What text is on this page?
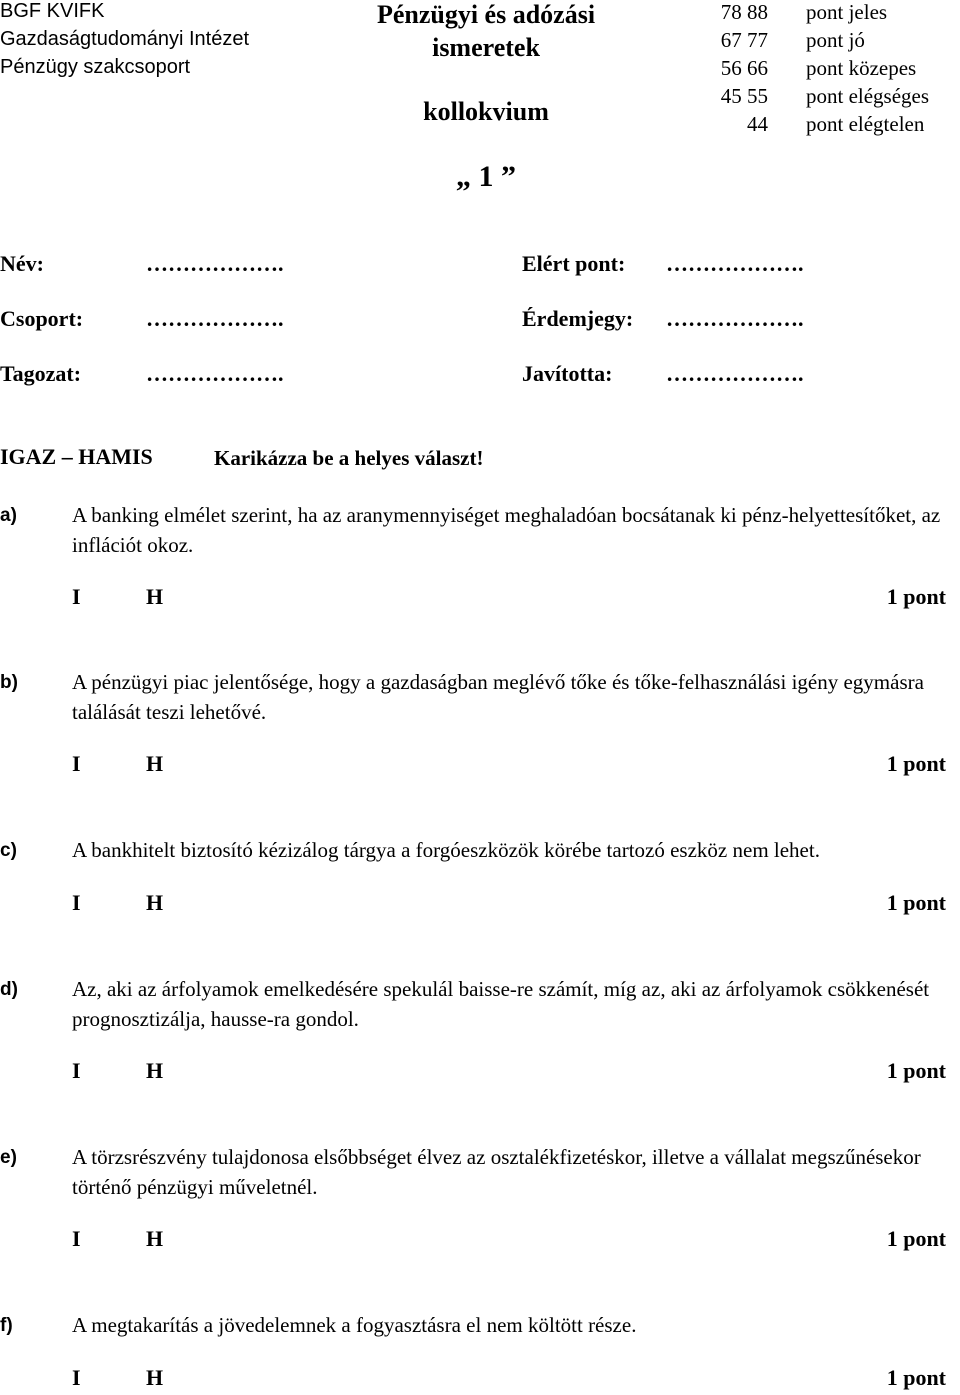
BGF KVIFK
Gazdaságtudományi Intézet
Pénzügy szakcsoport
Pénzügyi és adózási
ismeretek
kollokvium
„ 1 ”
78 88 pont jeles
67 77 pont jó
56 66 pont közepes
45 55 pont elégséges
44 pont elégtelen
Név:	……………….	Elért pont: ……………….
Csoport:	……………….	Érdemjegy: ……………….
Tagozat:	……………….	Javította: ……………….
IGAZ – HAMIS	Karikázza be a helyes választ!
a)	A banking elmélet szerint, ha az aranymennyiséget meghaladóan bocsátanak ki pénz-helyettesítőket, az inflációt okoz.
I	H	1 pont
b)	A pénzügyi piac jelentősége, hogy a gazdaságban meglévő tőke és tőke-felhasználási igény egymásra találását teszi lehetővé.
I	H	1 pont
c)	A bankhitelt biztosító kézizálog tárgya a forgóeszközök körébe tartozó eszköz nem lehet.
I	H	1 pont
d)	Az, aki az árfolyamok emelkedésére spekulál baisse-re számít, míg az, aki az árfolyamok csökkenését prognosztizálja, hausse-ra gondol.
I	H	1 pont
e)	A törzsrészvény tulajdonosa elsőbbséget élvez az osztalékfizetéskor, illetve a vállalat megszűnésekor történő pénzügyi műveletnél.
I	H	1 pont
f)	A megtakarítás a jövedelemnek a fogyasztásra el nem költött része.
I	H	1 pont
